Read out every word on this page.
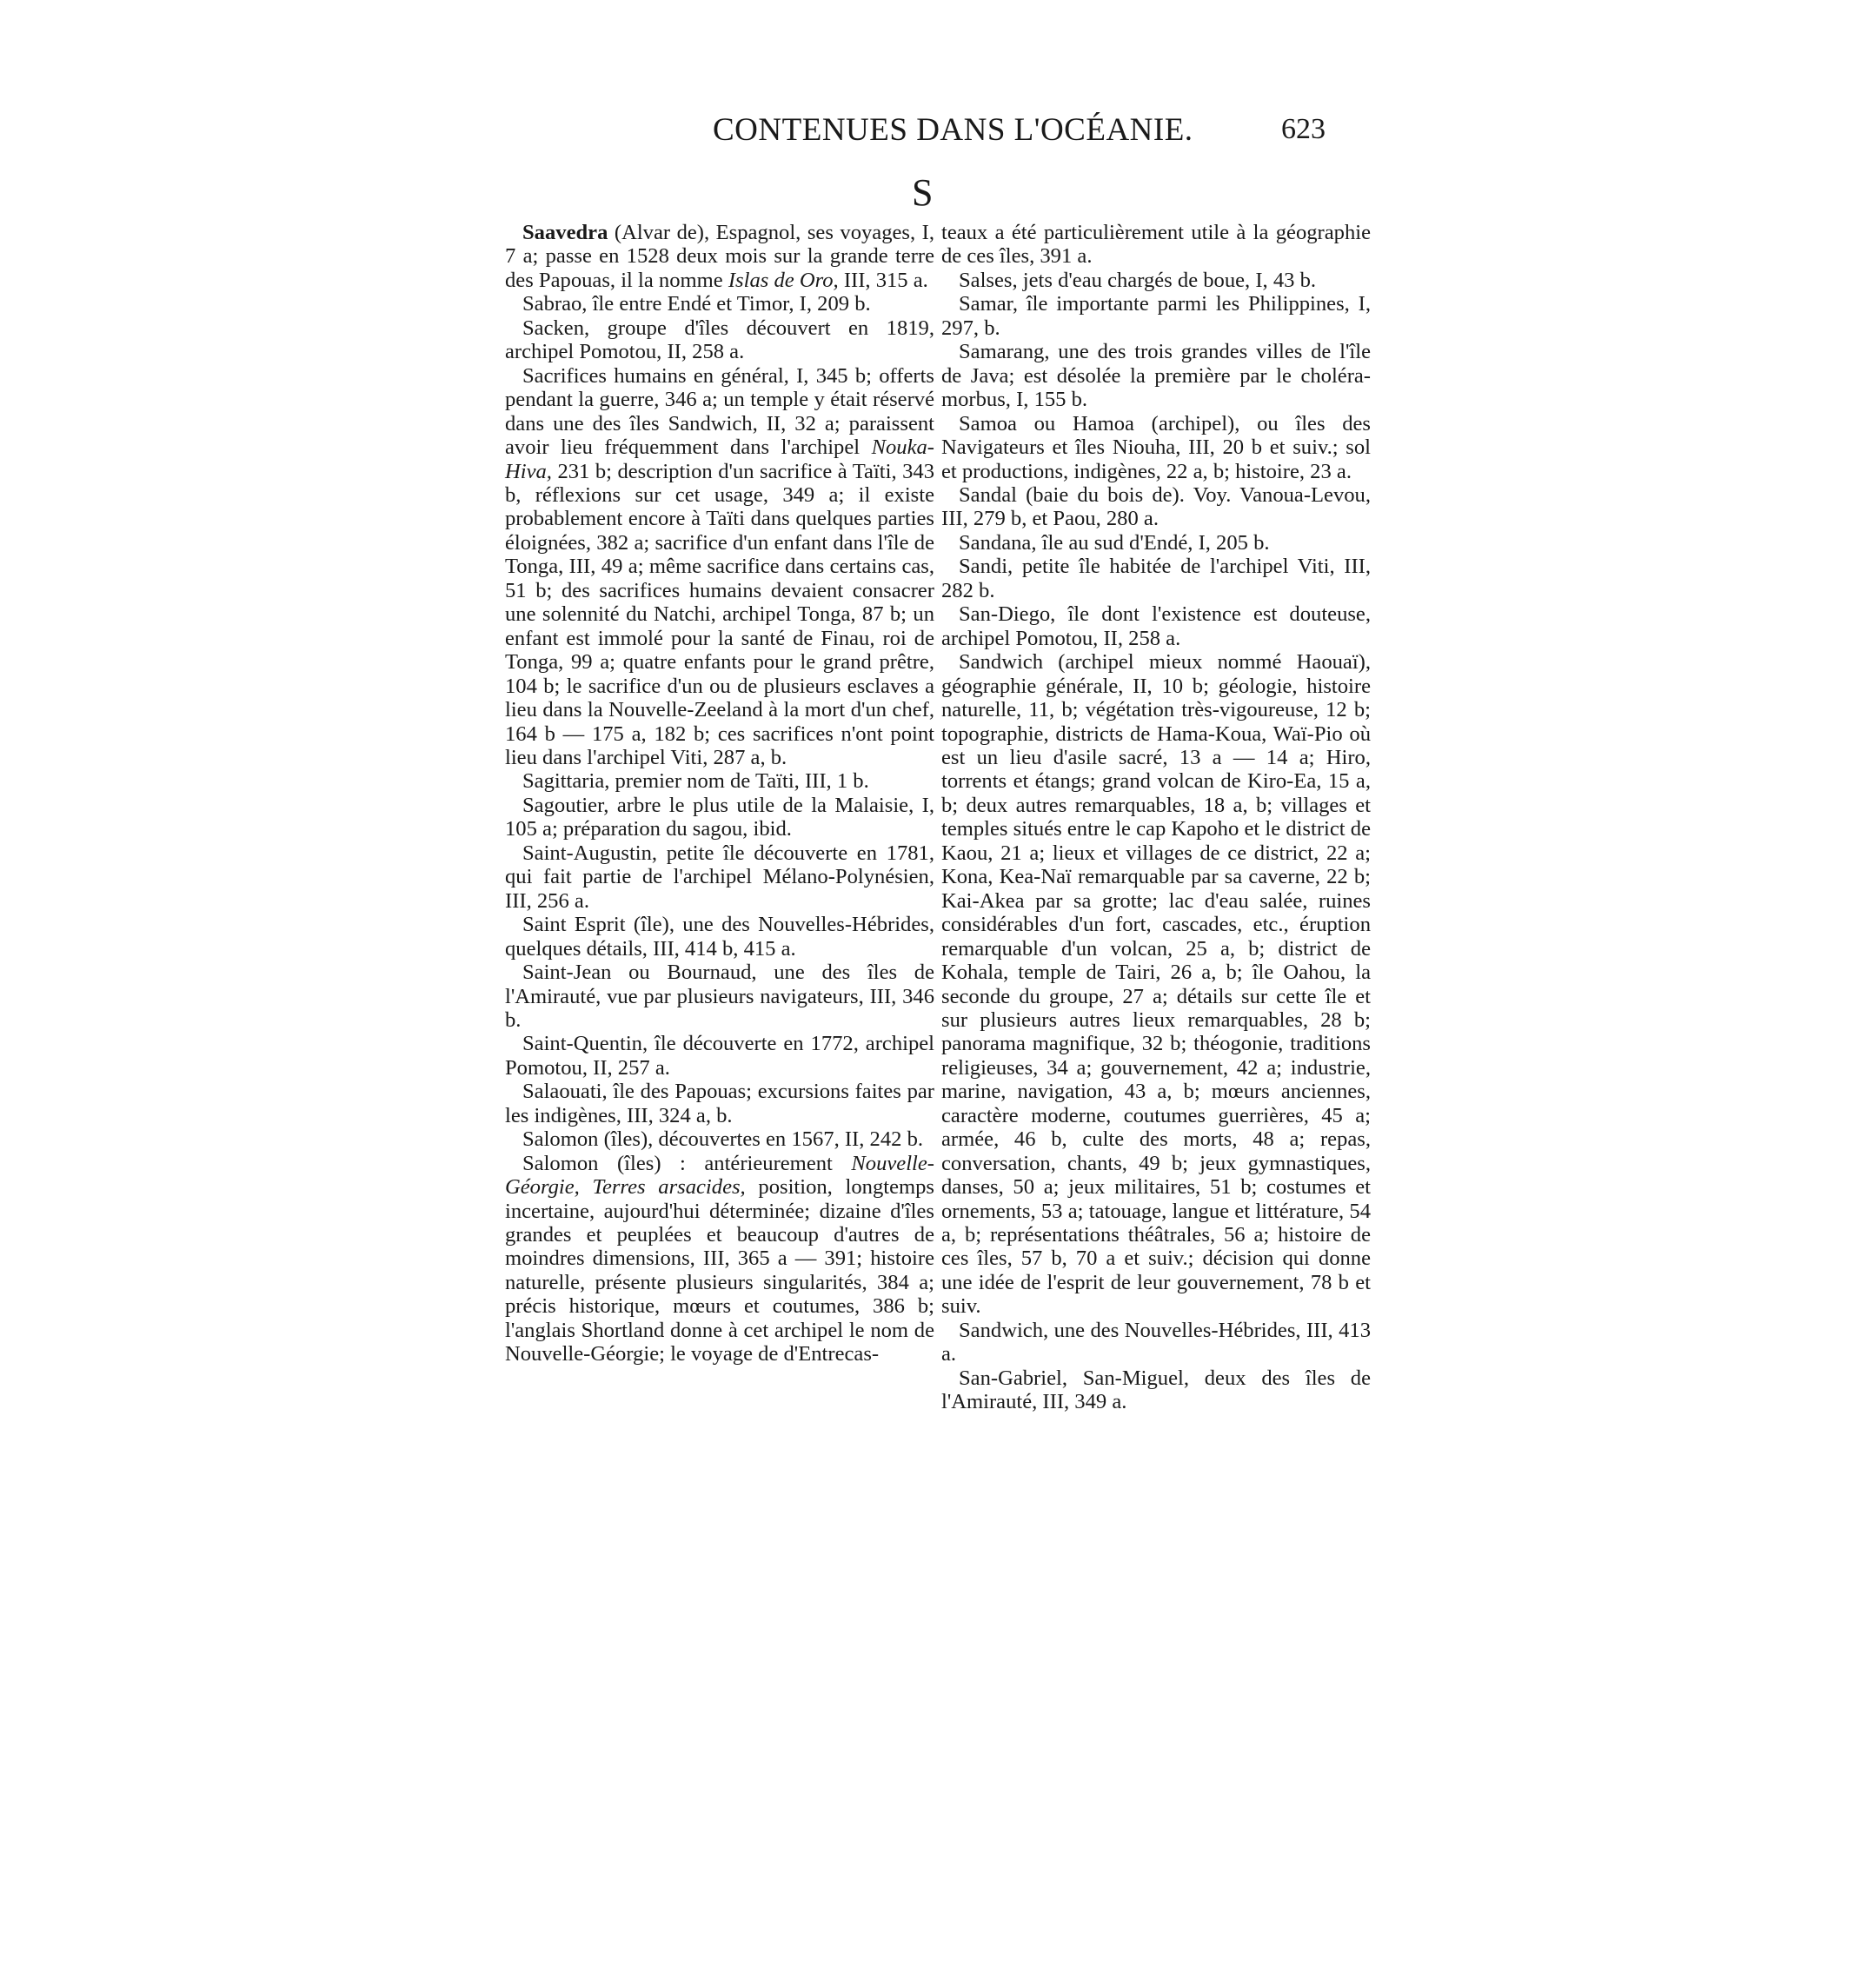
CONTENUES DANS L'OCÉANIE.	623
S

Saavedra (Alvar de), Espagnol, ses voyages, I, 7 a; passe en 1528 deux mois sur la grande terre des Papouas, il la nomme Islas de Oro, III, 315 a.

Sabrao, île entre Endé et Timor, I, 209 b.

Sacken, groupe d'îles découvert en 1819, archipel Pomotou, II, 258 a.

Sacrifices humains en général, I, 345 b; offerts pendant la guerre, 346 a; un temple y était réservé dans une des îles Sandwich, II, 32 a; paraissent avoir lieu fréquemment dans l'archipel Nouka-Hiva, 231 b; description d'un sacrifice à Taïti, 343 b, réflexions sur cet usage, 349 a; il existe probablement encore à Taïti dans quelques parties éloignées, 382 a; sacrifice d'un enfant dans l'île de Tonga, III, 49 a; même sacrifice dans certains cas, 51 b; des sacrifices humains devaient consacrer une solennité du Natchi, archipel Tonga, 87 b; un enfant est immolé pour la santé de Finau, roi de Tonga, 99 a; quatre enfants pour le grand prêtre, 104 b; le sacrifice d'un ou de plusieurs esclaves a lieu dans la Nouvelle-Zeeland à la mort d'un chef, 164 b — 175 a, 182 b; ces sacrifices n'ont point lieu dans l'archipel Viti, 287 a, b.

Sagittaria, premier nom de Taïti, III, 1 b.

Sagoutier, arbre le plus utile de la Malaisie, I, 105 a; préparation du sagou, ibid.

Saint-Augustin, petite île découverte en 1781, qui fait partie de l'archipel Mélano-Polynésien, III, 256 a.

Saint Esprit (île), une des Nouvelles-Hébrides, quelques détails, III, 414 b, 415 a.

Saint-Jean ou Bournaud, une des îles de l'Amirauté, vue par plusieurs navigateurs, III, 346 b.

Saint-Quentin, île découverte en 1772, archipel Pomotou, II, 257 a.

Salaouati, île des Papouas; excursions faites par les indigènes, III, 324 a, b.

Salomon (îles), découvertes en 1567, II, 242 b.

Salomon (îles) : antérieurement Nouvelle-Géorgie, Terres arsacides, position, longtemps incertaine, aujourd'hui déterminée; dizaine d'îles grandes et peuplées et beaucoup d'autres de moindres dimensions, III, 365 a — 391; histoire naturelle, présente plusieurs singularités, 384 a; précis historique, mœurs et coutumes, 386 b; l'anglais Shortland donne à cet archipel le nom de Nouvelle-Géorgie; le voyage de d'Entrecas-

teaux a été particulièrement utile à la géographie de ces îles, 391 a.

Salses, jets d'eau chargés de boue, I, 43 b.

Samar, île importante parmi les Philippines, I, 297, b.

Samarang, une des trois grandes villes de l'île de Java; est désolée la première par le choléra-morbus, I, 155 b.

Samoa ou Hamoa (archipel), ou îles des Navigateurs et îles Niouha, III, 20 b et suiv.; sol et productions, indigènes, 22 a, b; histoire, 23 a.

Sandal (baie du bois de). Voy. Vanoua-Levou, III, 279 b, et Paou, 280 a.

Sandana, île au sud d'Endé, I, 205 b.

Sandi, petite île habitée de l'archipel Viti, III, 282 b.

San-Diego, île dont l'existence est douteuse, archipel Pomotou, II, 258 a.

Sandwich (archipel mieux nommé Haouaï), géographie générale, II, 10 b; géologie, histoire naturelle, 11, b; végétation très-vigoureuse, 12 b; topographie, districts de Hama-Koua, Waï-Pio où est un lieu d'asile sacré, 13 a — 14 a; Hiro, torrents et étangs; grand volcan de Kiro-Ea, 15 a, b; deux autres remarquables, 18 a, b; villages et temples situés entre le cap Kapoho et le district de Kaou, 21 a; lieux et villages de ce district, 22 a; Kona, Kea-Naï remarquable par sa caverne, 22 b; Kai-Akea par sa grotte; lac d'eau salée, ruines considérables d'un fort, cascades, etc., éruption remarquable d'un volcan, 25 a, b; district de Kohala, temple de Tairi, 26 a, b; île Oahou, la seconde du groupe, 27 a; détails sur cette île et sur plusieurs autres lieux remarquables, 28 b; panorama magnifique, 32 b; théogonie, traditions religieuses, 34 a; gouvernement, 42 a; industrie, marine, navigation, 43 a, b; mœurs anciennes, caractère moderne, coutumes guerrières, 45 a; armée, 46 b, culte des morts, 48 a; repas, conversation, chants, 49 b; jeux gymnastiques, danses, 50 a; jeux militaires, 51 b; costumes et ornements, 53 a; tatouage, langue et littérature, 54 a, b; représentations théâtrales, 56 a; histoire de ces îles, 57 b, 70 a et suiv.; décision qui donne une idée de l'esprit de leur gouvernement, 78 b et suiv.

Sandwich, une des Nouvelles-Hébrides, III, 413 a.

San-Gabriel, San-Miguel, deux des îles de l'Amirauté, III, 349 a.
